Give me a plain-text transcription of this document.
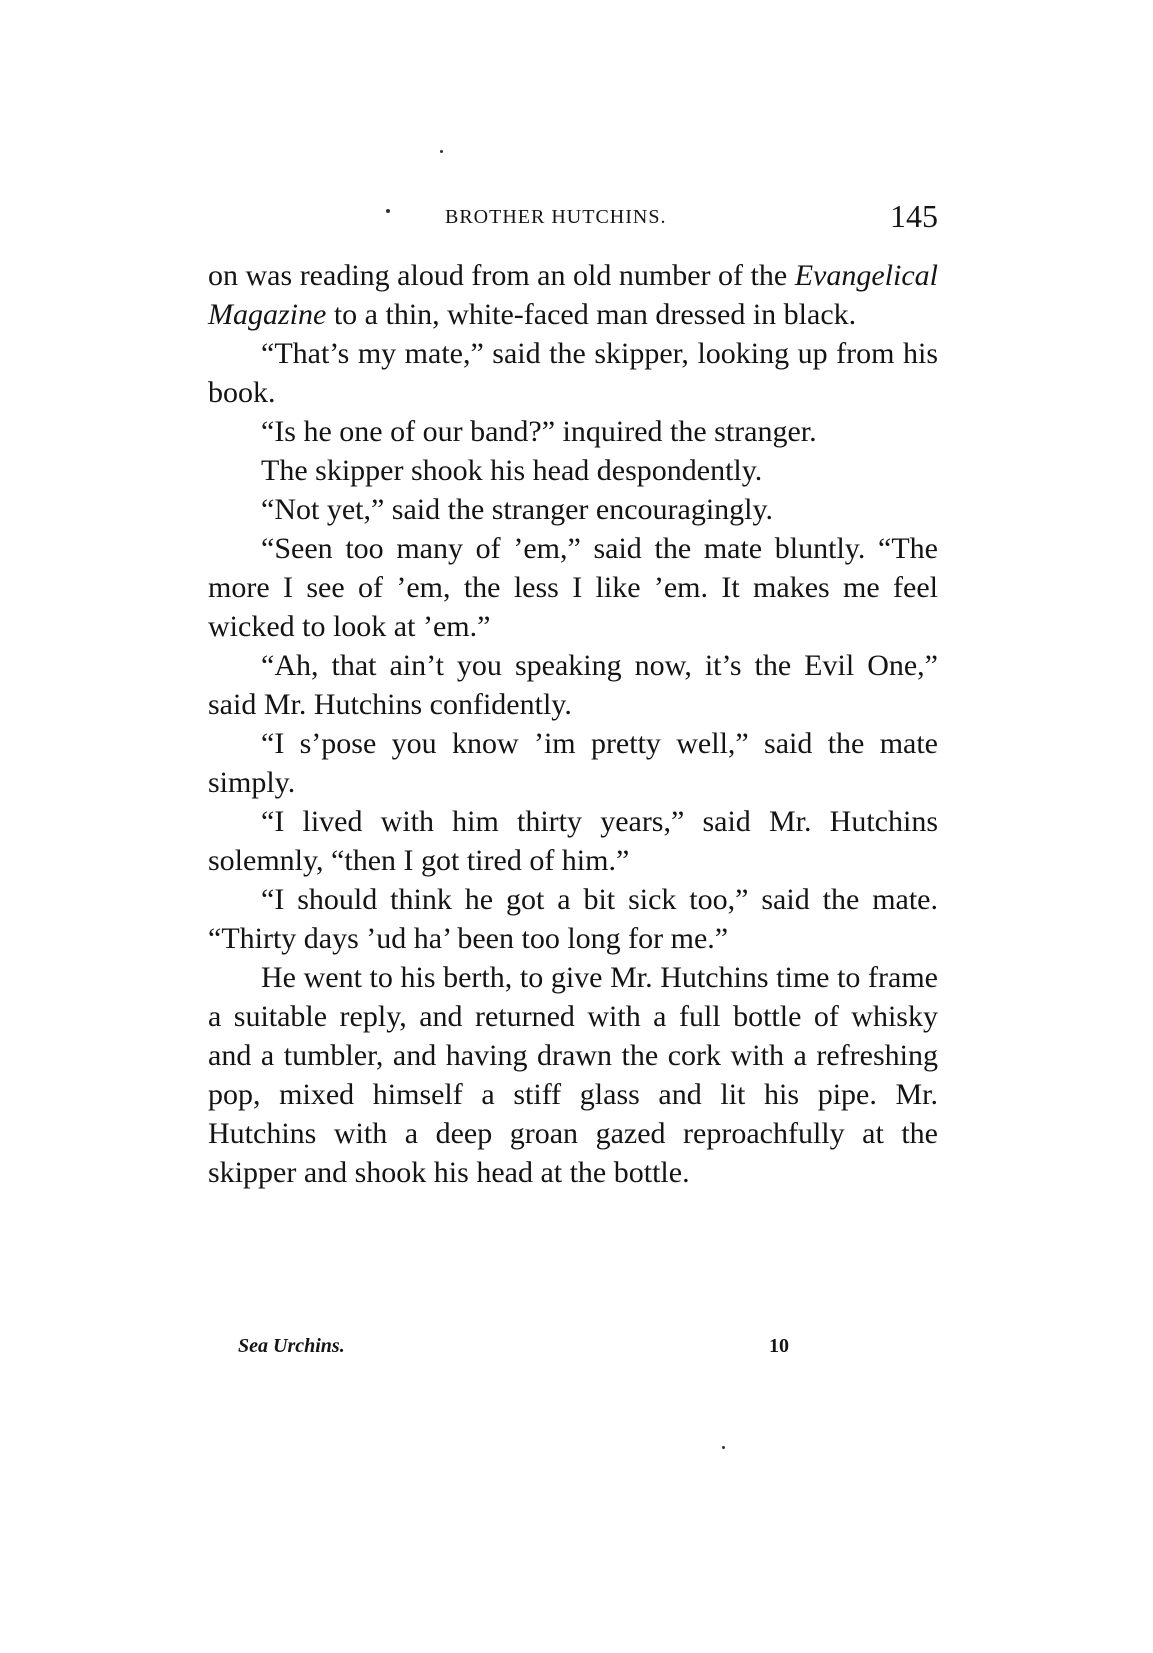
BROTHER HUTCHINS.	145

on was reading aloud from an old number of the Evangelical Magazine to a thin, white-faced man dressed in black.

“That’s my mate,” said the skipper, looking up from his book.

“Is he one of our band?” inquired the stranger.

The skipper shook his head despondently.

“Not yet,” said the stranger encouragingly.

“Seen too many of ’em,” said the mate bluntly. “The more I see of ’em, the less I like ’em. It makes me feel wicked to look at ’em.”

“Ah, that ain’t you speaking now, it’s the Evil One,” said Mr. Hutchins confidently.

“I s’pose you know ’im pretty well,” said the mate simply.

“I lived with him thirty years,” said Mr. Hutchins solemnly, “then I got tired of him.”

“I should think he got a bit sick too,” said the mate. “Thirty days ’ud ha’ been too long for me.”

He went to his berth, to give Mr. Hutchins time to frame a suitable reply, and returned with a full bottle of whisky and a tumbler, and having drawn the cork with a refreshing pop, mixed himself a stiff glass and lit his pipe. Mr. Hutchins with a deep groan gazed reproachfully at the skipper and shook his head at the bottle.

Sea Urchins.	10
